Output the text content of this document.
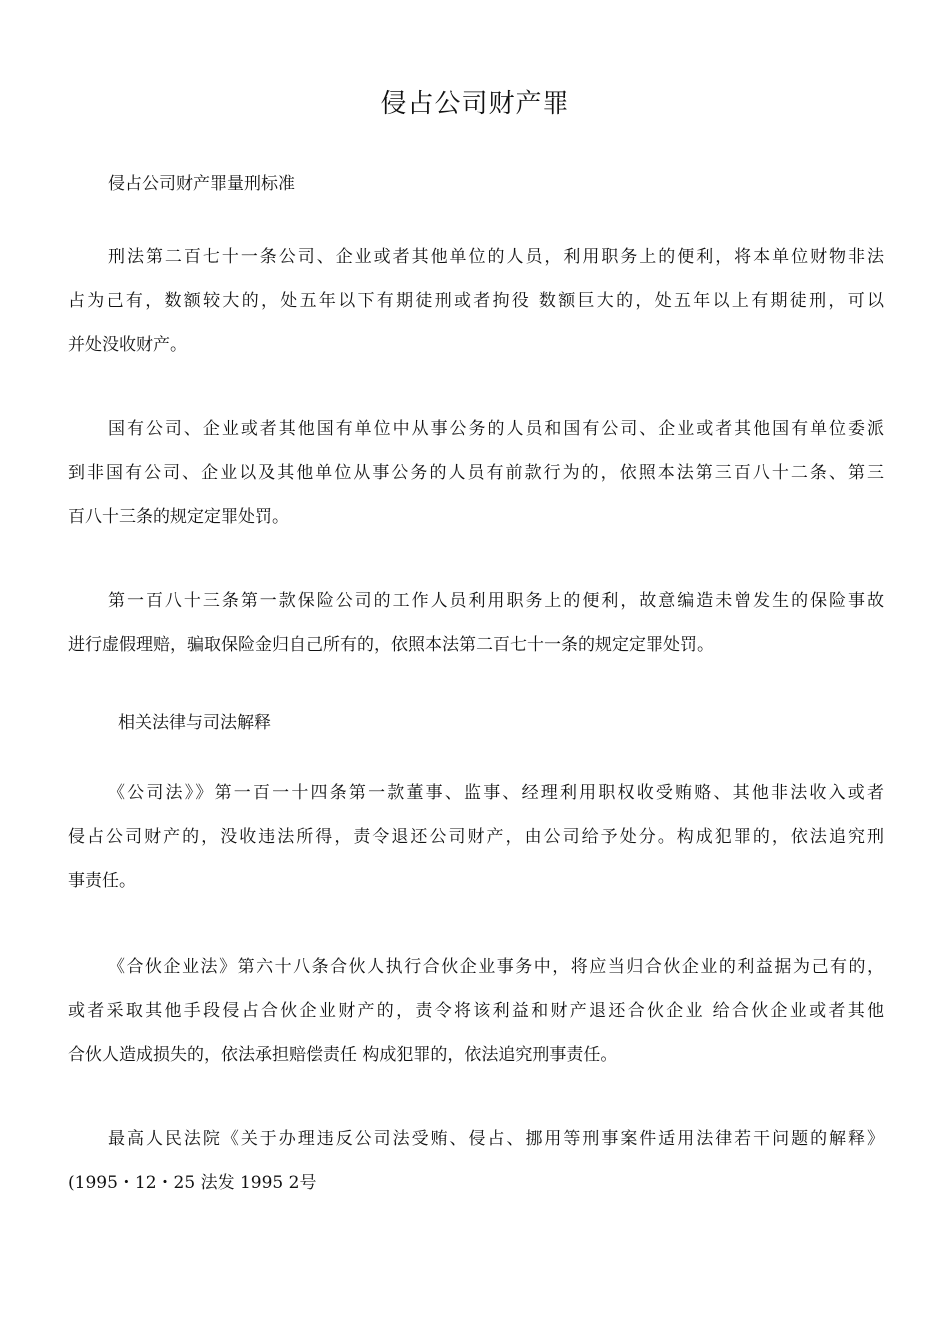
侵占公司财产罪
侵占公司财产罪量刑标准
刑法第二百七十一条公司、企业或者其他单位的人员，利用职务上的便利，将本单位财物非法
占为己有，数额较大的，处五年以下有期徒刑或者拘役 数额巨大的，处五年以上有期徒刑，可以
并处没收财产。
国有公司、企业或者其他国有单位中从事公务的人员和国有公司、企业或者其他国有单位委派
到非国有公司、企业以及其他单位从事公务的人员有前款行为的，依照本法第三百八十二条、第三
百八十三条的规定定罪处罚。
第一百八十三条第一款保险公司的工作人员利用职务上的便利，故意编造未曾发生的保险事故
进行虚假理赔，骗取保险金归自己所有的，依照本法第二百七十一条的规定定罪处罚。
相关法律与司法解释
《公司法》》第一百一十四条第一款董事、监事、经理利用职权收受贿赂、其他非法收入或者
侵占公司财产的，没收违法所得，责令退还公司财产，由公司给予处分。构成犯罪的，依法追究刑
事责任。
《合伙企业法》第六十八条合伙人执行合伙企业事务中，将应当归合伙企业的利益据为己有的，
或者采取其他手段侵占合伙企业财产的，责令将该利益和财产退还合伙企业 给合伙企业或者其他
合伙人造成损失的，依法承担赔偿责任 构成犯罪的，依法追究刑事责任。
最高人民法院《关于办理违反公司法受贿、侵占、挪用等刑事案件适用法律若干问题的解释》
(1995・12・25 法发 1995 2号
